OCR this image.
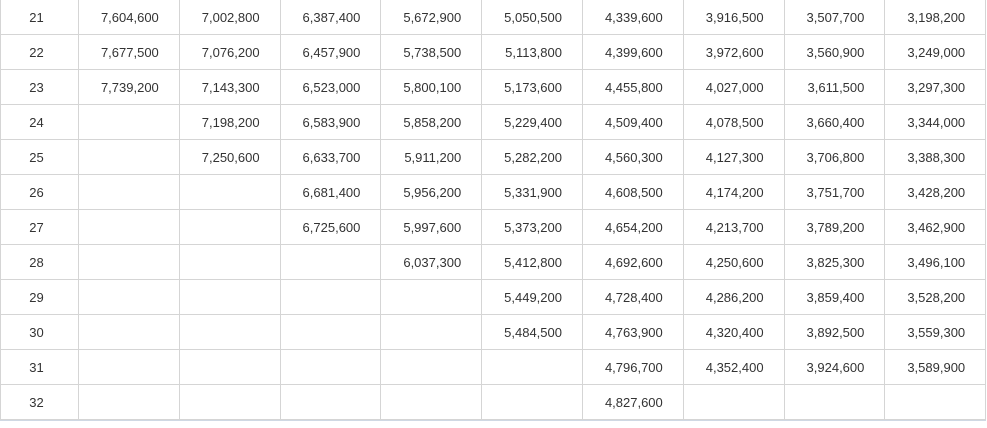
21	7,604,600	7,002,800	6,387,400	5,672,900	5,050,500	4,339,600	3,916,500	3,507,700	3,198,200
22	7,677,500	7,076,200	6,457,900	5,738,500	5,113,800	4,399,600	3,972,600	3,560,900	3,249,000
23	7,739,200	7,143,300	6,523,000	5,800,100	5,173,600	4,455,800	4,027,000	3,611,500	3,297,300
24		7,198,200	6,583,900	5,858,200	5,229,400	4,509,400	4,078,500	3,660,400	3,344,000
25		7,250,600	6,633,700	5,911,200	5,282,200	4,560,300	4,127,300	3,706,800	3,388,300
26			6,681,400	5,956,200	5,331,900	4,608,500	4,174,200	3,751,700	3,428,200
27			6,725,600	5,997,600	5,373,200	4,654,200	4,213,700	3,789,200	3,462,900
28				6,037,300	5,412,800	4,692,600	4,250,600	3,825,300	3,496,100
29					5,449,200	4,728,400	4,286,200	3,859,400	3,528,200
30					5,484,500	4,763,900	4,320,400	3,892,500	3,559,300
31						4,796,700	4,352,400	3,924,600	3,589,900
32						4,827,600			
